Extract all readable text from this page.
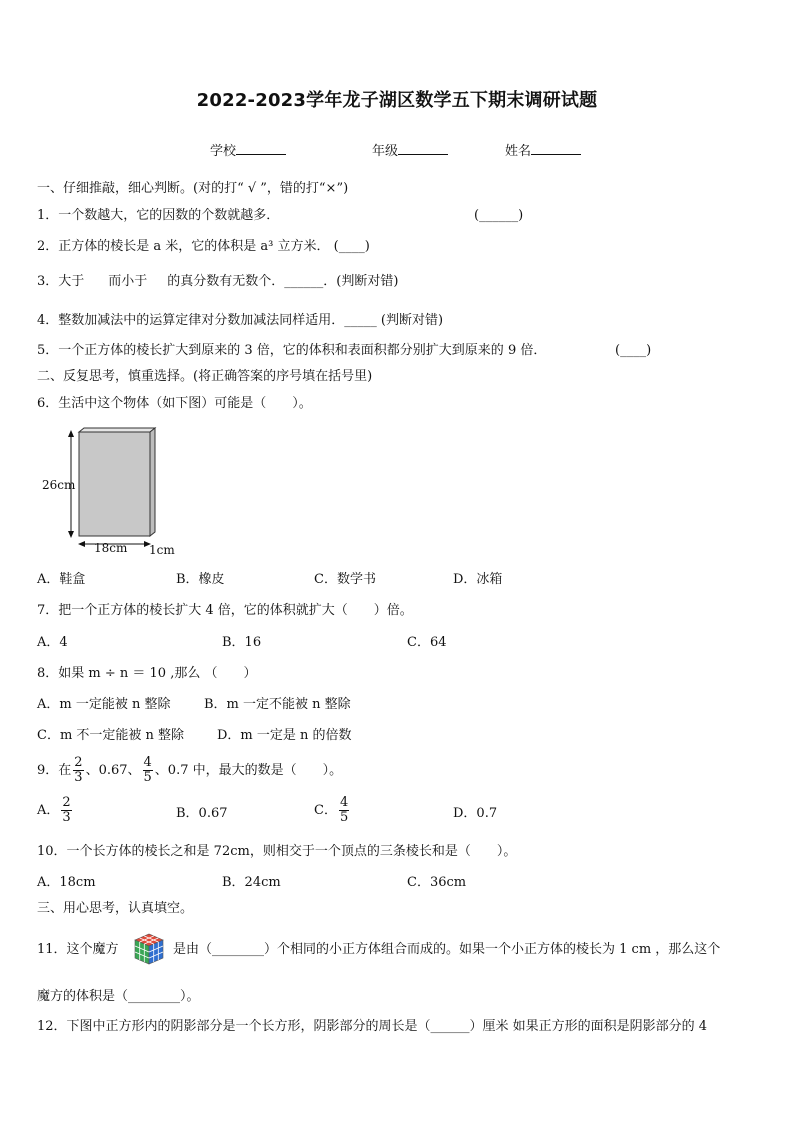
2022-2023学年龙子湖区数学五下期末调研试题
学校	年级	姓名
一、仔细推敲，细心判断。(对的打“ √ ”，错的打“×”)
1．一个数越大，它的因数的个数就越多．	(______)
2．正方体的棱长是 a 米，它的体积是 a³ 立方米． (____)
3．大于 而小于 的真分数有无数个．______．(判断对错)
4．整数加减法中的运算定律对分数加减法同样适用．_____ (判断对错)
5．一个正方体的棱长扩大到原来的 3 倍，它的体积和表面积都分别扩大到原来的 9 倍．	(____)
二、反复思考，慎重选择。(将正确答案的序号填在括号里)
6．生活中这个物体（如下图）可能是（　　）。
26cm
18cm 1cm
A．鞋盒	B．橡皮	C．数学书	D．冰箱
7．把一个正方体的棱长扩大 4 倍，它的体积就扩大（　　）倍。
A．4	B．16	C．64
8．如果 m ÷ n ＝ 10 ,那么 （　　）
A．m 一定能被 n 整除	B．m 一定不能被 n 整除
C．m 不一定能被 n 整除	D．m 一定是 n 的倍数
9．在 $\frac{2}{3}$ 、0.67、 $\frac{4}{5}$ 、0.7 中，最大的数是（　　）。
A． $\frac{2}{3}$	B．0.67	C． $\frac{4}{5}$	D．0.7
10．一个长方体的棱长之和是 72cm，则相交于一个顶点的三条棱长和是（　　）。
A．18cm	B．24cm	C．36cm
三、用心思考，认真填空。
11．这个魔方	是由（________）个相同的小正方体组合而成的。如果一个小正方体的棱长为 1 cm ，那么这个
魔方的体积是（________）。
12．下图中正方形内的阴影部分是一个长方形，阴影部分的周长是（______）厘米 如果正方形的面积是阴影部分的 4
